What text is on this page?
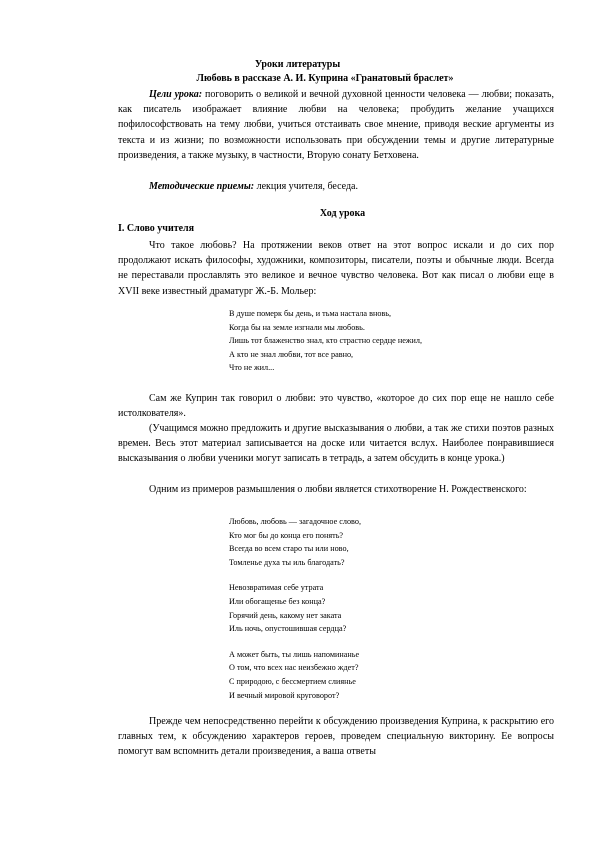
Уроки литературы
Любовь в рассказе А. И. Куприна «Гранатовый браслет»
Цели урока: поговорить о великой и вечной духовной ценности человека — любви; показать, как писатель изображает влияние любви на человека; пробудить желание учащихся пофилософствовать на тему любви, учиться отстаивать свое мнение, приводя веские аргументы из текста и из жизни; по возможности использовать при обсуждении темы и другие литературные произведения, а также музыку, в частности, Вторую сонату Бетховена.
Методические приемы: лекция учителя, беседа.
Ход урока
I. Слово учителя
Что такое любовь? На протяжении веков ответ на этот вопрос искали и до сих пор продолжают искать философы, художники, композиторы, писатели, поэты и обычные люди. Всегда не переставали прославлять это великое и вечное чувство человека. Вот как писал о любви еще в XVII веке известный драматург Ж.-Б. Мольер:
В душе померк бы день, и тьма настала вновь,
Когда бы на земле изгнали мы любовь.
Лишь тот блаженство знал, кто страстно сердце нежил,
А кто не знал любви, тот все равно,
Что не жил...
Сам же Куприн так говорил о любви: это чувство, «которое до сих пор еще не нашло себе истолкователя».
(Учащимся можно предложить и другие высказывания о любви, а так же стихи поэтов разных времен. Весь этот материал записывается на доске или читается вслух. Наиболее понравившиеся высказывания о любви ученики могут записать в тетрадь, а затем обсудить в конце урока.)
Одним из примеров размышления о любви является стихотворение Н. Рождественского:
Любовь, любовь — загадочное слово,
Кто мог бы до конца его понять?
Всегда во всем старо ты или ново,
Томленье духа ты иль благодать?
Невозвратимая себе утрата
Или обогащенье без конца?
Горячий день, какому нет заката
Иль ночь, опустошившая сердца?
А может быть, ты лишь напоминанье
О том, что всех нас неизбежно ждет?
С природою, с бессмертием слиянье
И вечный мировой круговорот?
Прежде чем непосредственно перейти к обсуждению произведения Куприна, к раскрытию его главных тем, к обсуждению характеров героев, проведем специальную викторину. Ее вопросы помогут вам вспомнить детали произведения, а ваша ответы
